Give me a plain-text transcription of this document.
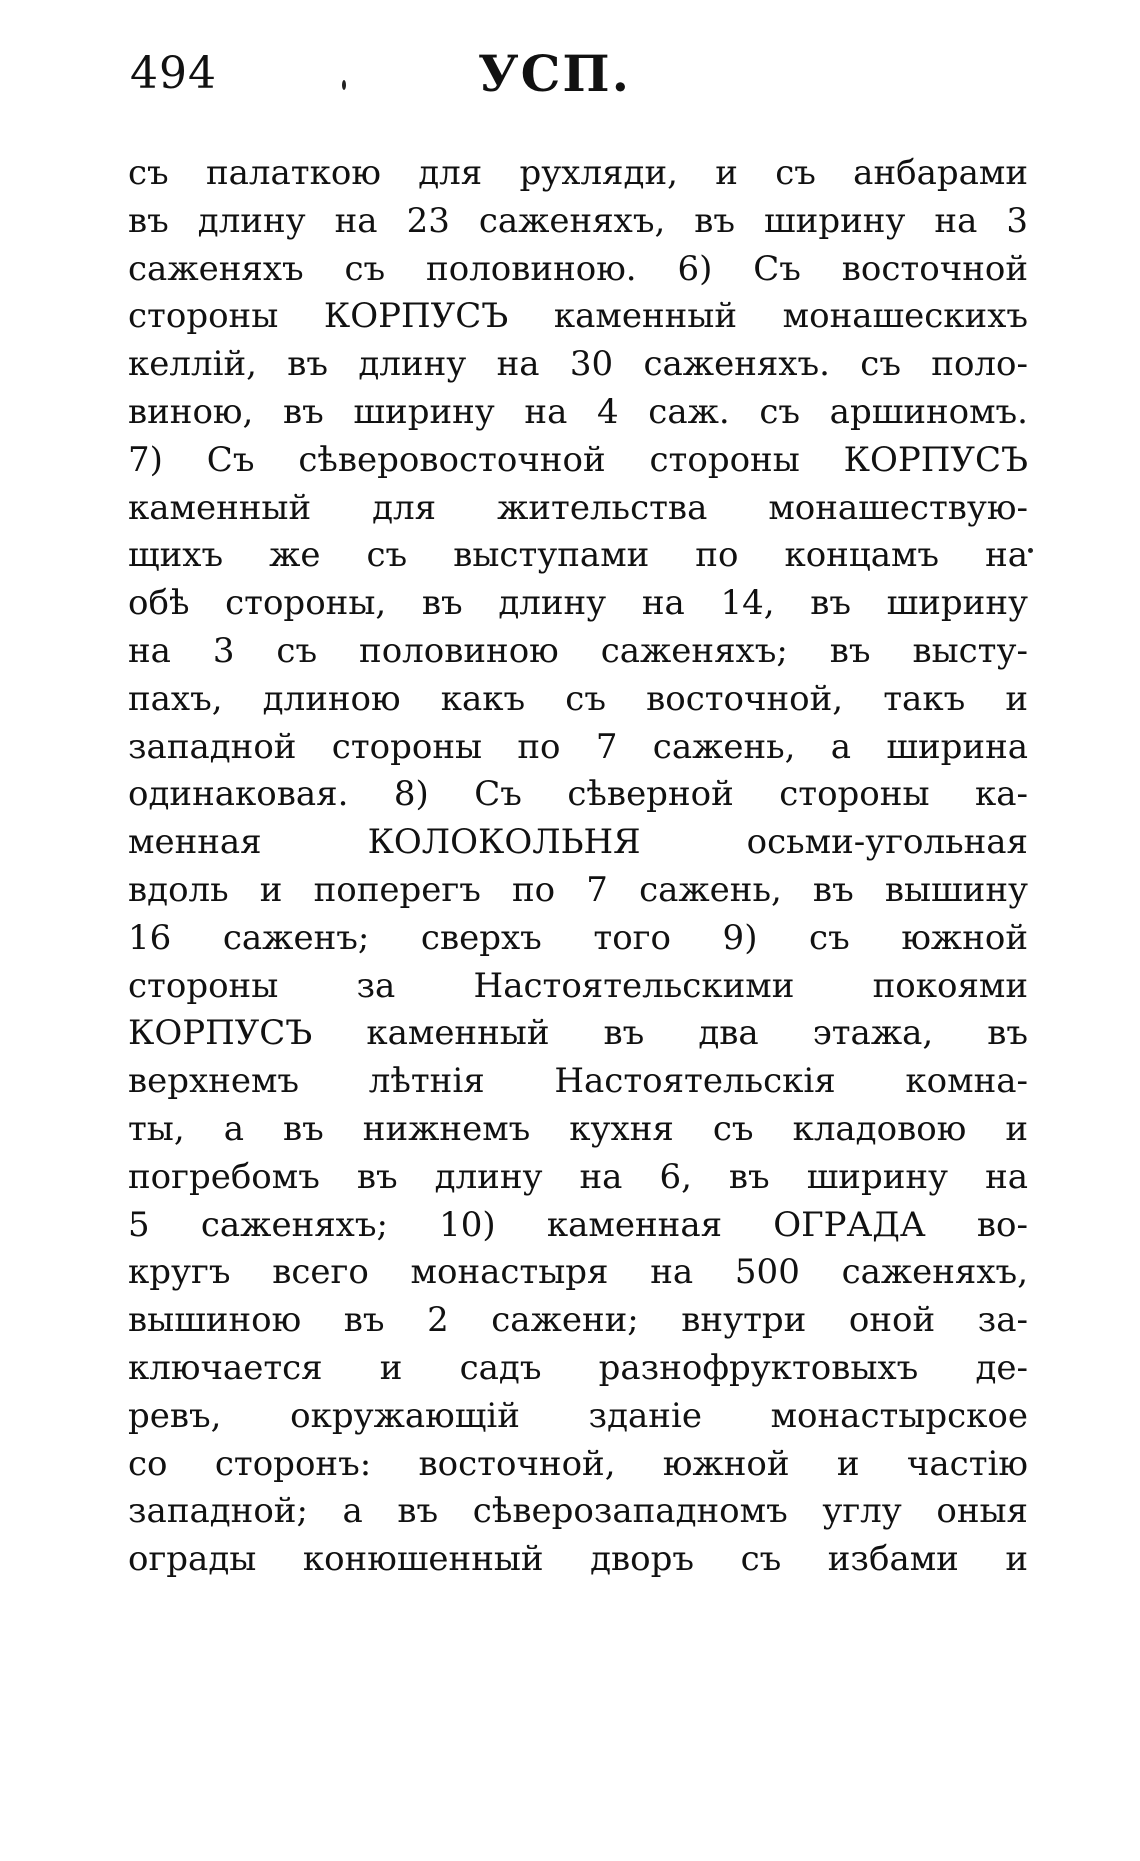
494	УСП.
съ палаткою для рухляди, и съ анбарами
въ длину на 23 саженяхъ, въ ширину на 3
саженяхъ съ половиною. 6) Съ восточной
стороны КОРПУСЪ каменный монашескихъ
келлiй, въ длину на 30 саженяхъ. съ поло-
виною, въ ширину на 4 саж. съ аршиномъ.
7) Съ сѣверовосточной стороны КОРПУСЪ
каменный для жительства монашествую-
щихъ же съ выступами по концамъ на
обѣ стороны, въ длину на 14, въ ширину
на 3 съ половиною саженяхъ; въ высту-
пахъ, длиною какъ съ восточной, такъ и
западной стороны по 7 сажень, а ширина
одинаковая. 8) Съ сѣверной стороны ка-
менная КОЛОКОЛЬНЯ осьми-угольная
вдоль и поперегъ по 7 сажень, въ вышину
16 саженъ; сверхъ того 9) съ южной
стороны за Настоятельскими покоями
КОРПУСЪ каменный въ два этажа, въ
верхнемъ лѣтнiя Настоятельскiя комна-
ты, а въ нижнемъ кухня съ кладовою и
погребомъ въ длину на 6, въ ширину на
5 саженяхъ; 10) каменная ОГРАДА во-
кругъ всего монастыря на 500 саженяхъ,
вышиною въ 2 сажени; внутри оной за-
ключается и садъ разнофруктовыхъ де-
ревъ, окружающiй зданiе монастырское
со сторонъ: восточной, южной и частiю
западной; а въ сѣверозападномъ углу оныя
ограды конюшенный дворъ съ избами и
